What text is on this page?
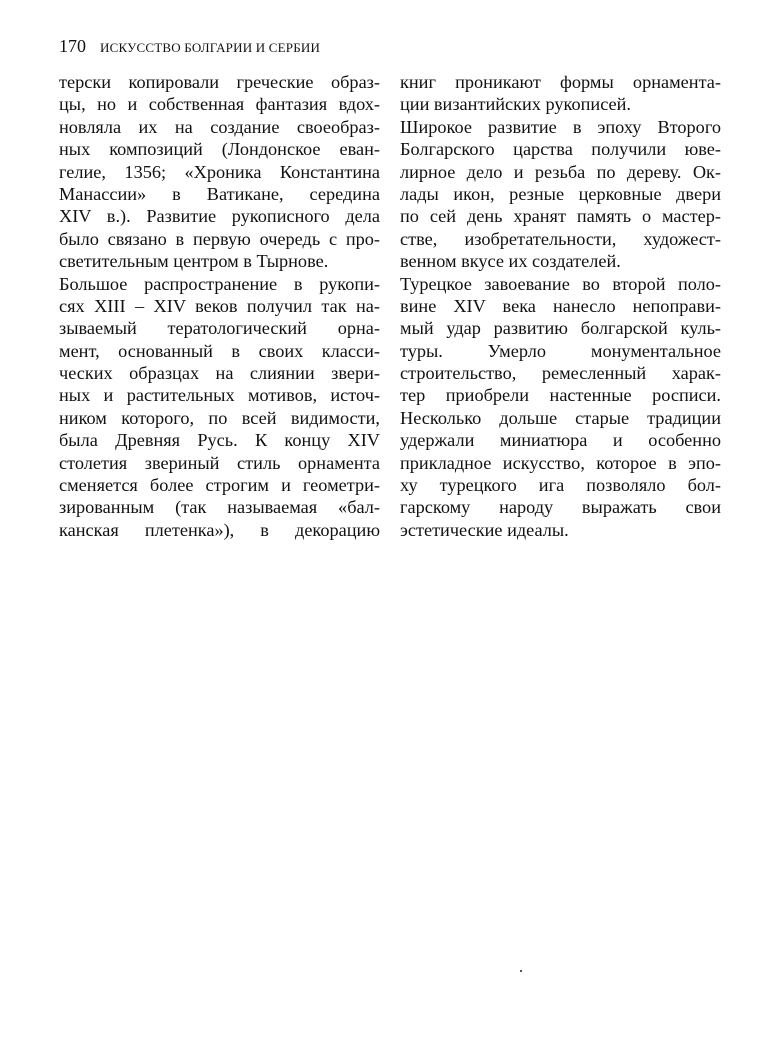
170 ИСКУССТВО БОЛГАРИИ И СЕРБИИ
терски копировали греческие образ-
цы, но и собственная фантазия вдох-
новляла их на создание своеобраз-
ных композиций (Лондонское еван-
гелие, 1356; «Хроника Константина
Манассии» в Ватикане, середина
XIV в.). Развитие рукописного дела
было связано в первую очередь с про-
светительным центром в Тырнове.
Большое распространение в рукопи-
сях XIII – XIV веков получил так на-
зываемый тератологический орна-
мент, основанный в своих класси-
ческих образцах на слиянии звери-
ных и растительных мотивов, источ-
ником которого, по всей видимости,
была Древняя Русь. К концу XIV
столетия звериный стиль орнамента
сменяется более строгим и геометри-
зированным (так называемая «бал-
канская плетенка»), в декорацию
книг проникают формы орнамента-
ции византийских рукописей.
Широкое развитие в эпоху Второго
Болгарского царства получили юве-
лирное дело и резьба по дереву. Ок-
лады икон, резные церковные двери
по сей день хранят память о мастер-
стве, изобретательности, художест-
венном вкусе их создателей.
Турецкое завоевание во второй поло-
вине XIV века нанесло непоправи-
мый удар развитию болгарской куль-
туры. Умерло монументальное
строительство, ремесленный харак-
тер приобрели настенные росписи.
Несколько дольше старые традиции
удержали миниатюра и особенно
прикладное искусство, которое в эпо-
ху турецкого ига позволяло бол-
гарскому народу выражать свои
эстетические идеалы.
